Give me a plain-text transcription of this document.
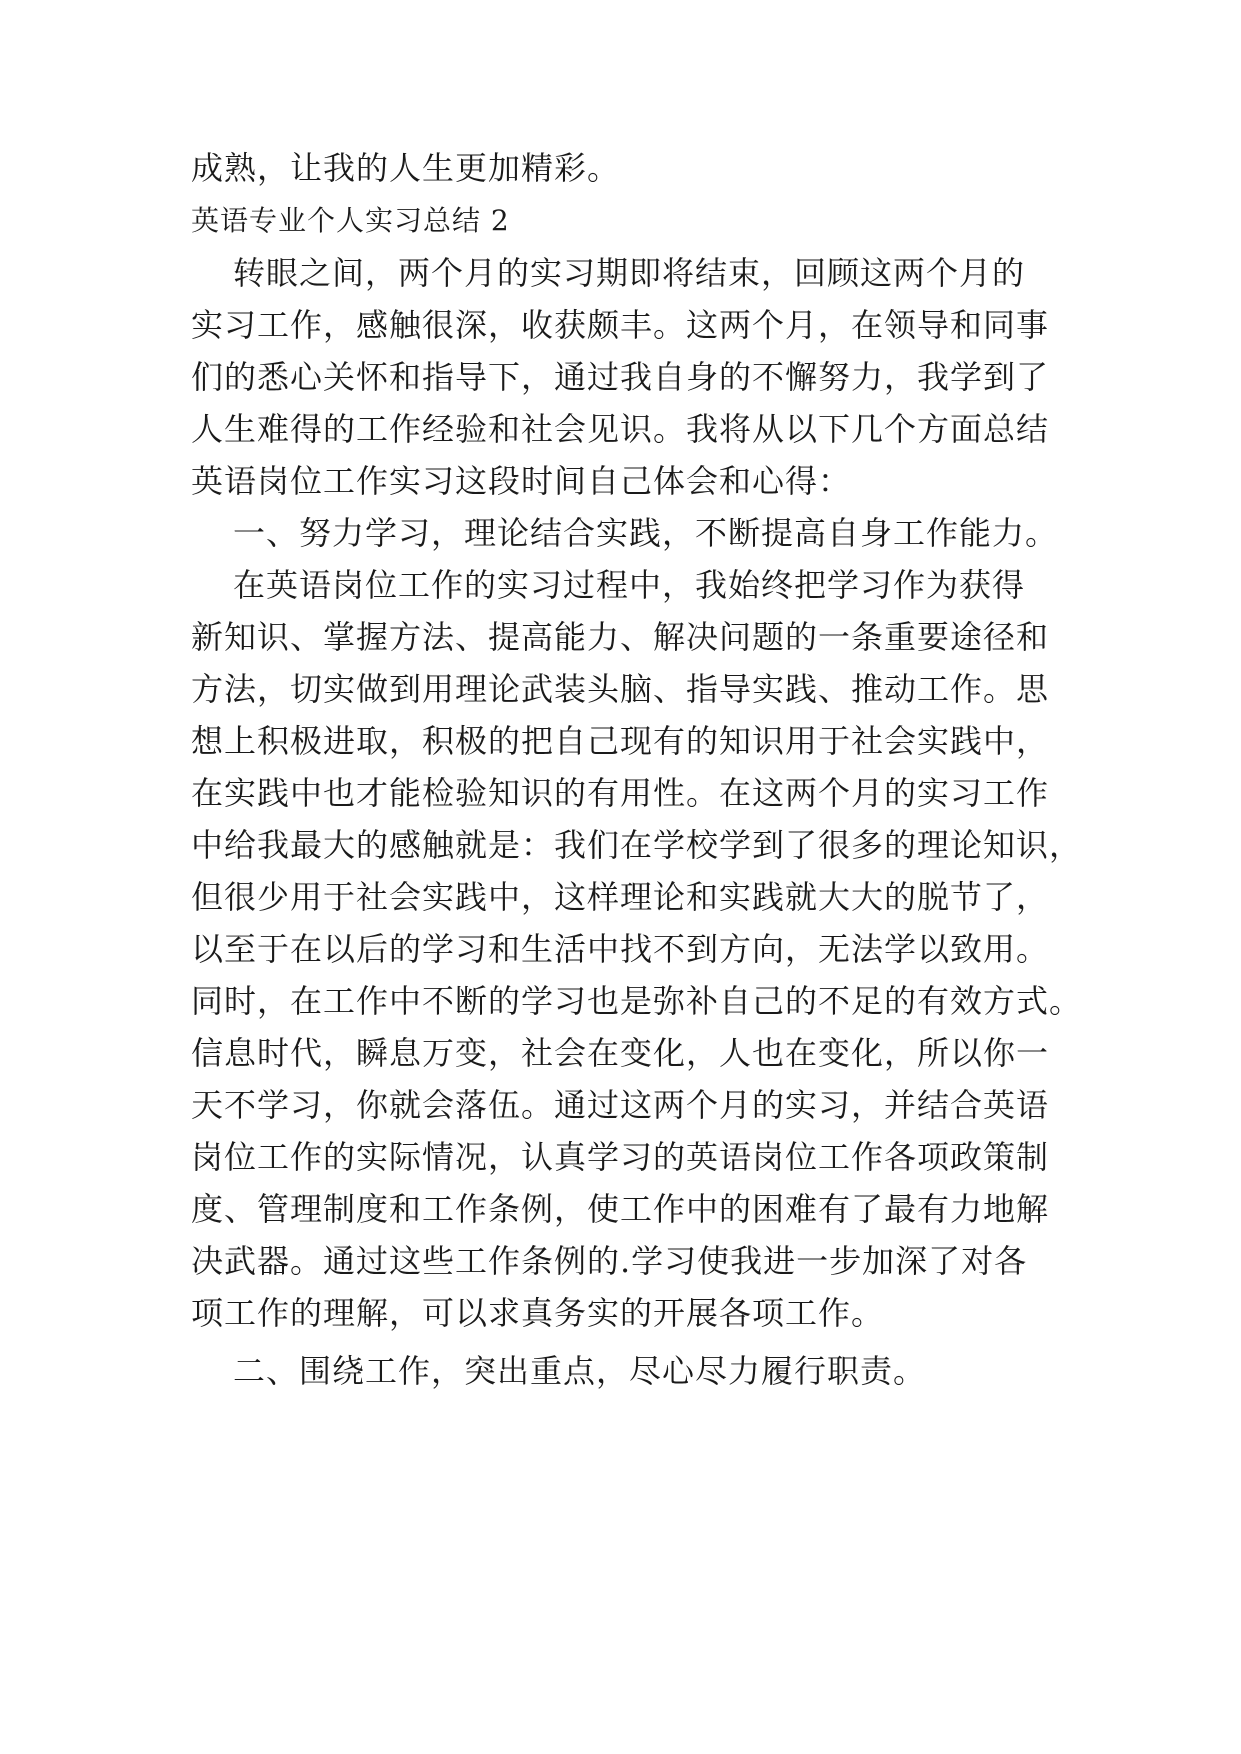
成熟，让我的人生更加精彩。
英语专业个人实习总结 2
转眼之间，两个月的实习期即将结束，回顾这两个月的
实习工作，感触很深，收获颇丰。这两个月，在领导和同事
们的悉心关怀和指导下，通过我自身的不懈努力，我学到了
人生难得的工作经验和社会见识。我将从以下几个方面总结
英语岗位工作实习这段时间自己体会和心得：
一、努力学习，理论结合实践，不断提高自身工作能力。
在英语岗位工作的实习过程中，我始终把学习作为获得
新知识、掌握方法、提高能力、解决问题的一条重要途径和
方法，切实做到用理论武装头脑、指导实践、推动工作。思
想上积极进取，积极的把自己现有的知识用于社会实践中，
在实践中也才能检验知识的有用性。在这两个月的实习工作
中给我最大的感触就是：我们在学校学到了很多的理论知识，
但很少用于社会实践中，这样理论和实践就大大的脱节了，
以至于在以后的学习和生活中找不到方向，无法学以致用。
同时，在工作中不断的学习也是弥补自己的不足的有效方式。
信息时代，瞬息万变，社会在变化，人也在变化，所以你一
天不学习，你就会落伍。通过这两个月的实习，并结合英语
岗位工作的实际情况，认真学习的英语岗位工作各项政策制
度、管理制度和工作条例，使工作中的困难有了最有力地解
决武器。通过这些工作条例的.学习使我进一步加深了对各
项工作的理解，可以求真务实的开展各项工作。
二、围绕工作，突出重点，尽心尽力履行职责。
